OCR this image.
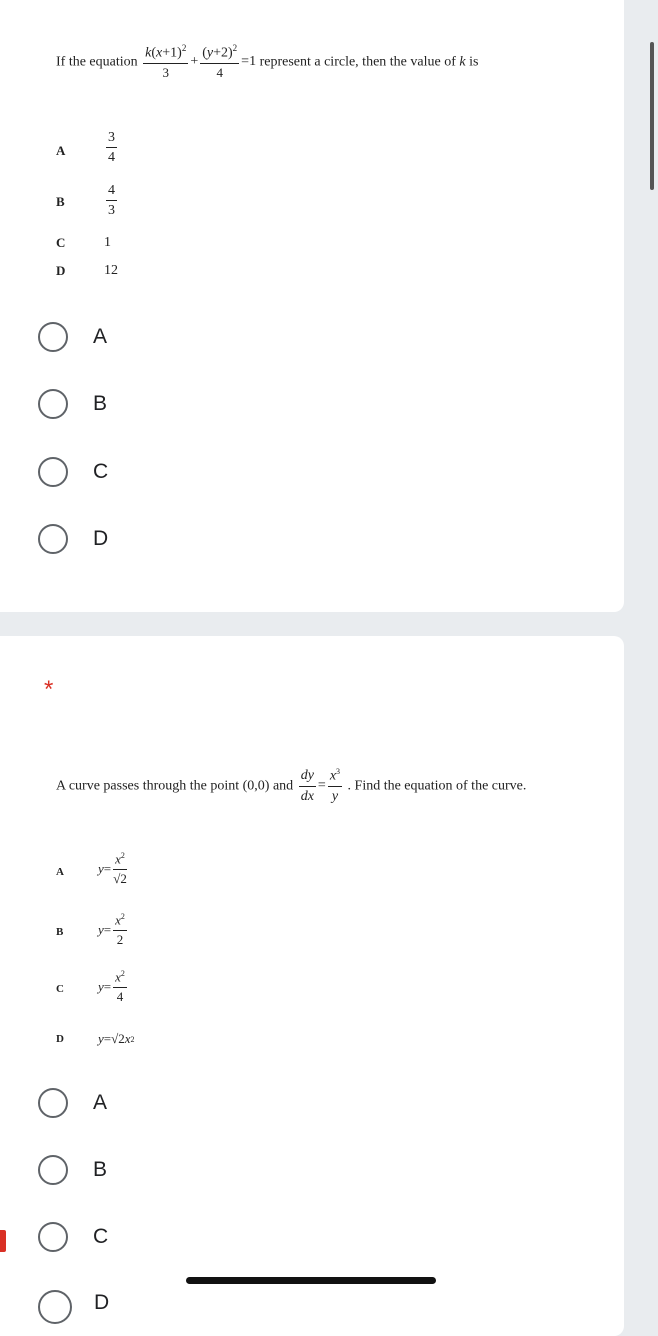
If the equation $\frac{k(x+1)^2}{3} + \frac{(y+2)^2}{4} =1$ represent a circle, then the value of k is
A	$\frac{3}{4}$
B	$\frac{4}{3}$
C	1
D	12
A
B
C
D
*
A curve passes through the point (0,0) and $\frac{dy}{dx} = \frac{x^3}{y}$ . Find the equation of the curve.
A	$y = \frac{x^2}{√2}$
B	$y = \frac{x^2}{2}$
C	$y = \frac{x^2}{4}$
D	y =√2 x 2
A
B
C
D
